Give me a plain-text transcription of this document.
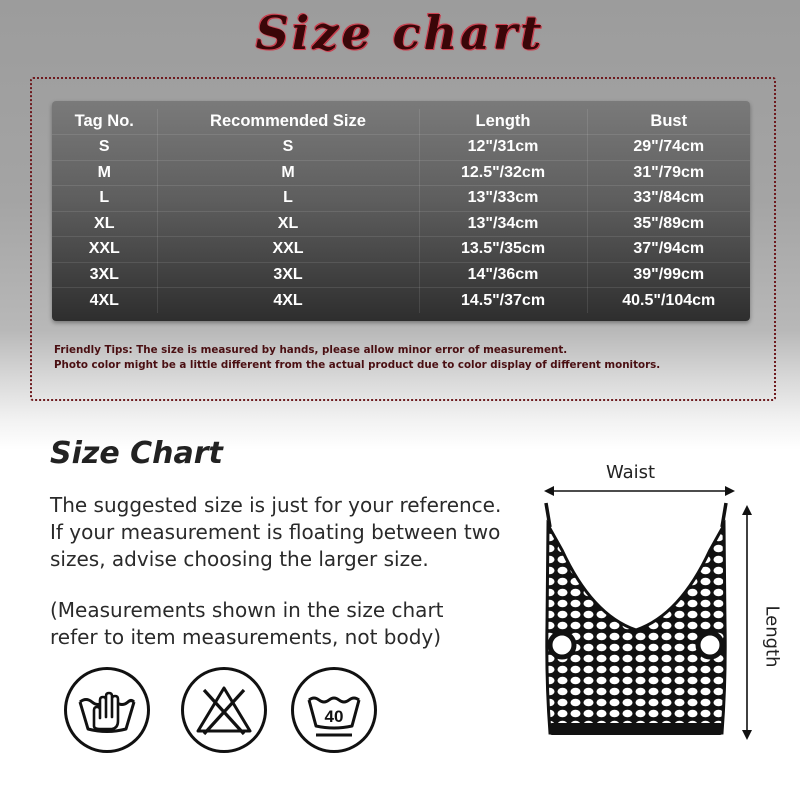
Size chart
Tag No.	Recommended Size	Length	Bust
S	S	12"/31cm	29"/74cm
M	M	12.5"/32cm	31"/79cm
L	L	13"/33cm	33"/84cm
XL	XL	13"/34cm	35"/89cm
XXL	XXL	13.5"/35cm	37"/94cm
3XL	3XL	14"/36cm	39"/99cm
4XL	4XL	14.5"/37cm	40.5"/104cm
Friendly Tips: The size is measured by hands, please allow minor error of measurement.
Photo color might be a little different from the actual product due to color display of different monitors.
Size Chart
The suggested size is just for your reference.
If your measurement is floating between two
sizes, advise choosing the larger size.
(Measurements shown in the size chart
refer to item measurements, not body)
40
Waist
Length
